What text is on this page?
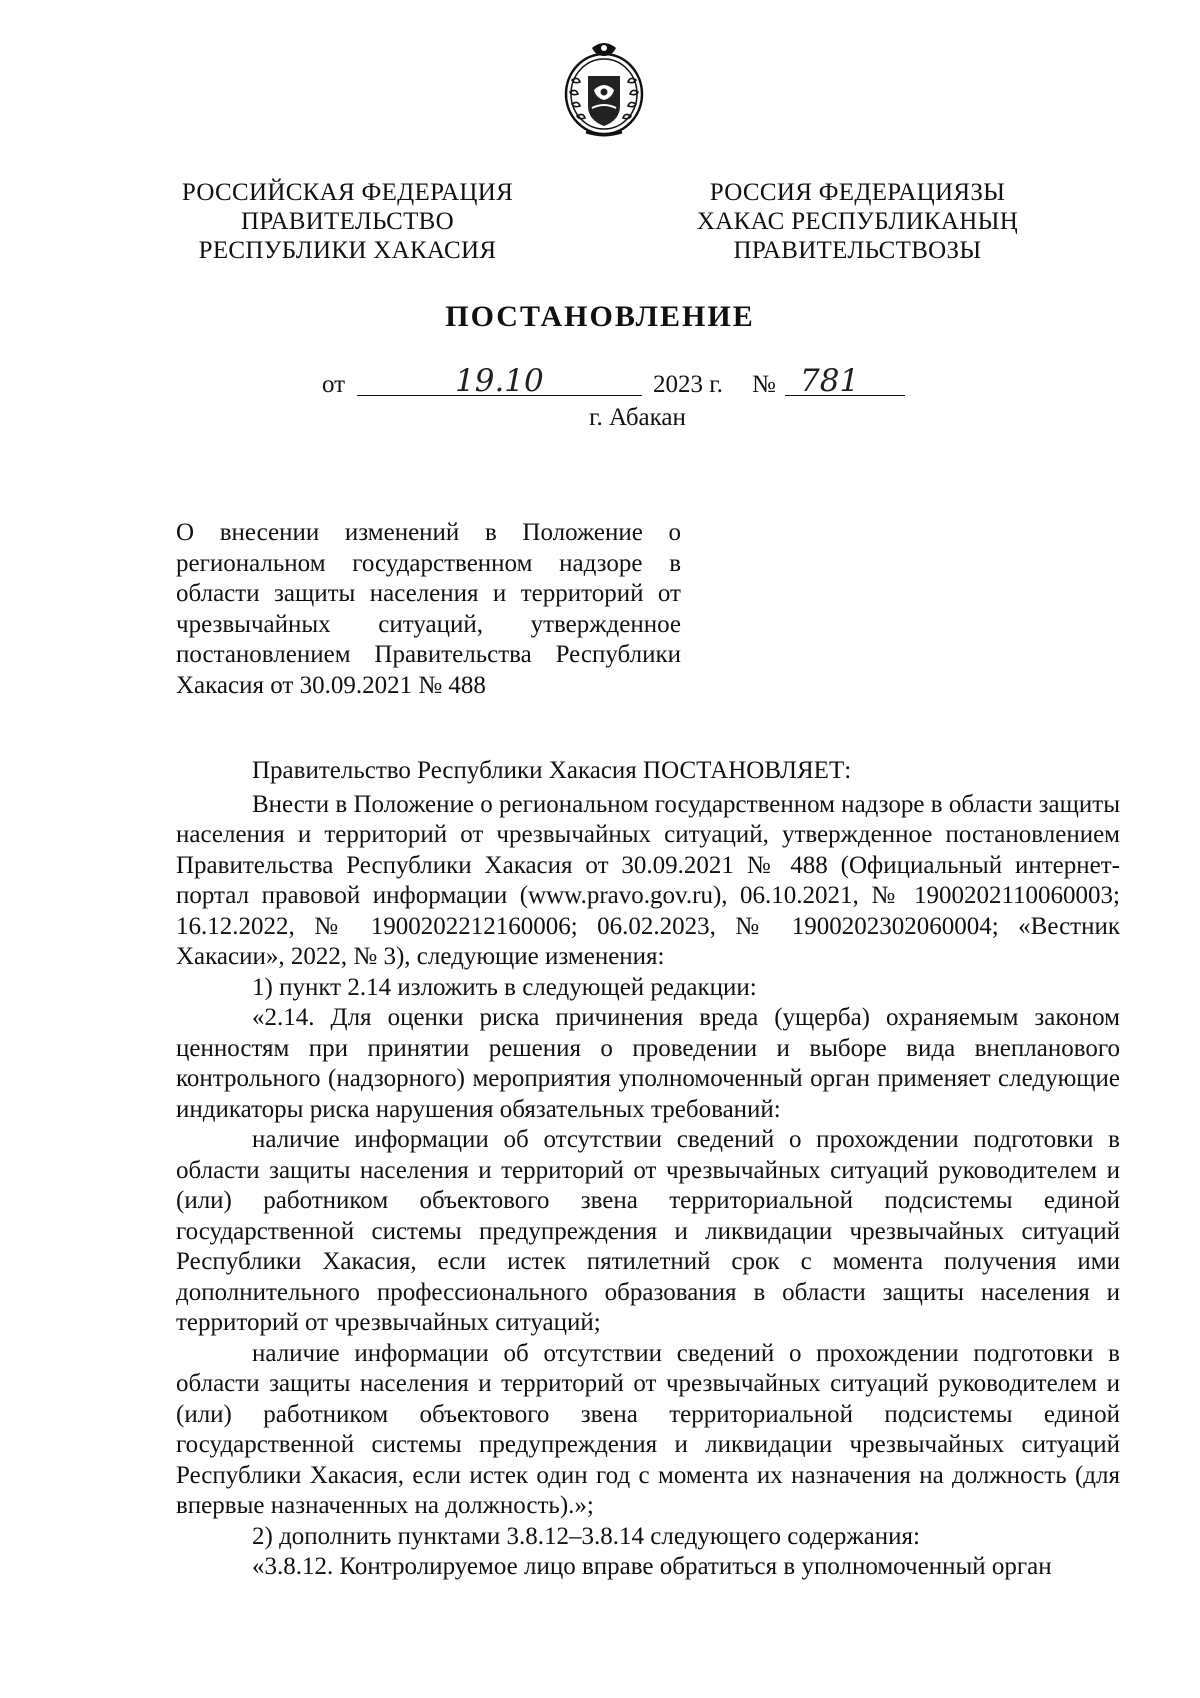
РОССИЙСКАЯ ФЕДЕРАЦИЯ
ПРАВИТЕЛЬСТВО
РЕСПУБЛИКИ ХАКАСИЯ
РОССИЯ ФЕДЕРАЦИЯЗЫ
ХАКАС РЕСПУБЛИКАНЫҢ
ПРАВИТЕЛЬСТВОЗЫ
ПОСТАНОВЛЕНИЕ
от	19.10	2023 г. № 781
г. Абакан
О внесении изменений в Положение о региональном государственном надзоре в области защиты населения и территорий от чрезвычайных ситуаций, утвержденное постановлением Правительства Республики Хакасия от 30.09.2021 № 488

Правительство Республики Хакасия ПОСТАНОВЛЯЕТ:

Внести в Положение о региональном государственном надзоре в области защиты населения и территорий от чрезвычайных ситуаций, утвержденное постановлением Правительства Республики Хакасия от 30.09.2021 № 488 (Официальный интернет-портал правовой информации (www.pravo.gov.ru), 06.10.2021, № 1900202110060003; 16.12.2022, № 1900202212160006; 06.02.2023, № 1900202302060004; «Вестник Хакасии», 2022, № 3), следующие изменения:

1) пункт 2.14 изложить в следующей редакции:

«2.14. Для оценки риска причинения вреда (ущерба) охраняемым законом ценностям при принятии решения о проведении и выборе вида внепланового контрольного (надзорного) мероприятия уполномоченный орган применяет следующие индикаторы риска нарушения обязательных требований:

наличие информации об отсутствии сведений о прохождении подготовки в области защиты населения и территорий от чрезвычайных ситуаций руководителем и (или) работником объектового звена территориальной подсистемы единой государственной системы предупреждения и ликвидации чрезвычайных ситуаций Республики Хакасия, если истек пятилетний срок с момента получения ими дополнительного профессионального образования в области защиты населения и территорий от чрезвычайных ситуаций;

наличие информации об отсутствии сведений о прохождении подготовки в области защиты населения и территорий от чрезвычайных ситуаций руководителем и (или) работником объектового звена территориальной подсистемы единой государственной системы предупреждения и ликвидации чрезвычайных ситуаций Республики Хакасия, если истек один год с момента их назначения на должность (для впервые назначенных на должность).»;

2) дополнить пунктами 3.8.12–3.8.14 следующего содержания:

«3.8.12. Контролируемое лицо вправе обратиться в уполномоченный орган
